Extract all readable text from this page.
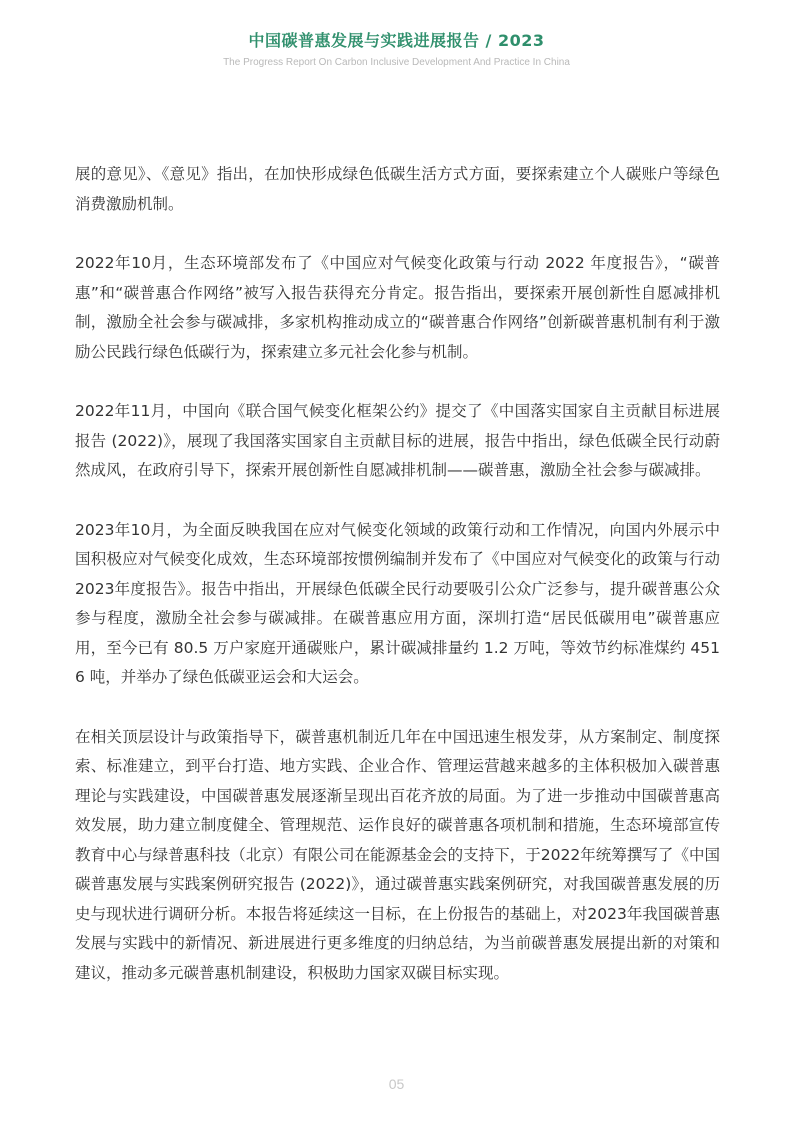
中国碳普惠发展与实践进展报告 / 2023
The Progress Report On Carbon Inclusive Development And Practice In China

展的意见》、《意见》指出，在加快形成绿色低碳生活方式方面，要探索建立个人碳账户等绿色消费激励机制。

2022年10月，生态环境部发布了《中国应对气候变化政策与行动 2022 年度报告》，“碳普惠”和“碳普惠合作网络”被写入报告获得充分肯定。报告指出，要探索开展创新性自愿减排机制，激励全社会参与碳减排，多家机构推动成立的“碳普惠合作网络”创新碳普惠机制有利于激励公民践行绿色低碳行为，探索建立多元社会化参与机制。

2022年11月，中国向《联合国气候变化框架公约》提交了《中国落实国家自主贡献目标进展报告 (2022)》，展现了我国落实国家自主贡献目标的进展，报告中指出，绿色低碳全民行动蔚然成风，在政府引导下，探索开展创新性自愿减排机制——碳普惠，激励全社会参与碳减排。

2023年10月，为全面反映我国在应对气候变化领域的政策行动和工作情况，向国内外展示中国积极应对气候变化成效，生态环境部按惯例编制并发布了《中国应对气候变化的政策与行动 2023年度报告》。报告中指出，开展绿色低碳全民行动要吸引公众广泛参与，提升碳普惠公众参与程度，激励全社会参与碳减排。在碳普惠应用方面，深圳打造“居民低碳用电”碳普惠应用，至今已有 80.5 万户家庭开通碳账户，累计碳减排量约 1.2 万吨，等效节约标准煤约 4516 吨，并举办了绿色低碳亚运会和大运会。

在相关顶层设计与政策指导下，碳普惠机制近几年在中国迅速生根发芽，从方案制定、制度探索、标准建立，到平台打造、地方实践、企业合作、管理运营越来越多的主体积极加入碳普惠理论与实践建设，中国碳普惠发展逐渐呈现出百花齐放的局面。为了进一步推动中国碳普惠高效发展，助力建立制度健全、管理规范、运作良好的碳普惠各项机制和措施，生态环境部宣传教育中心与绿普惠科技（北京）有限公司在能源基金会的支持下，于2022年统筹撰写了《中国碳普惠发展与实践案例研究报告 (2022)》，通过碳普惠实践案例研究，对我国碳普惠发展的历史与现状进行调研分析。本报告将延续这一目标，在上份报告的基础上，对2023年我国碳普惠发展与实践中的新情况、新进展进行更多维度的归纳总结，为当前碳普惠发展提出新的对策和建议，推动多元碳普惠机制建设，积极助力国家双碳目标实现。

05
